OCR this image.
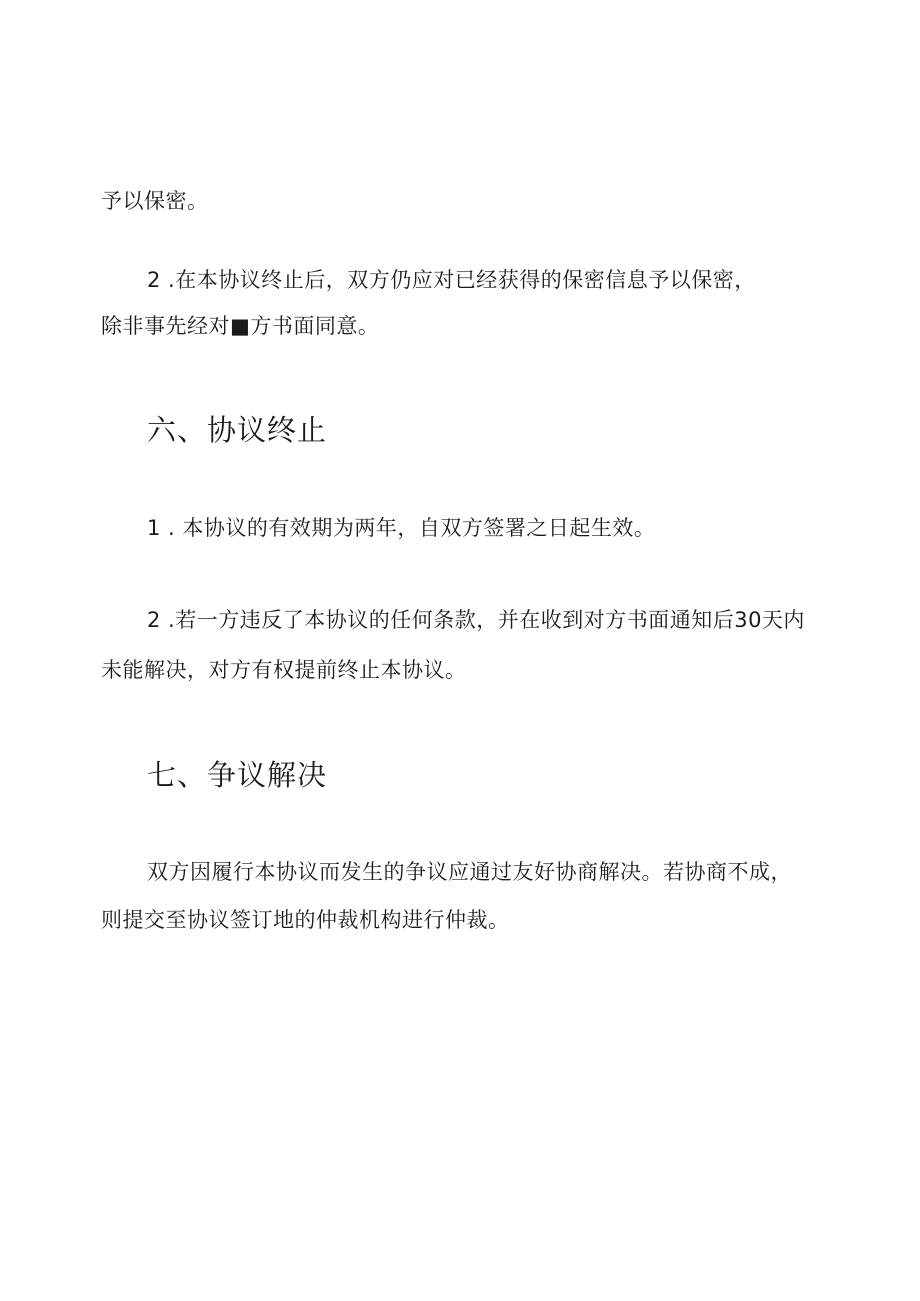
予以保密。
2 .在本协议终止后，双方仍应对已经获得的保密信息予以保密，
除非事先经对■方书面同意。
六、协议终止
1 . 本协议的有效期为两年，自双方签署之日起生效。
2 .若一方违反了本协议的任何条款，并在收到对方书面通知后30天内
未能解决，对方有权提前终止本协议。
七、争议解决
双方因履行本协议而发生的争议应通过友好协商解决。若协商不成，
则提交至协议签订地的仲裁机构进行仲裁。
